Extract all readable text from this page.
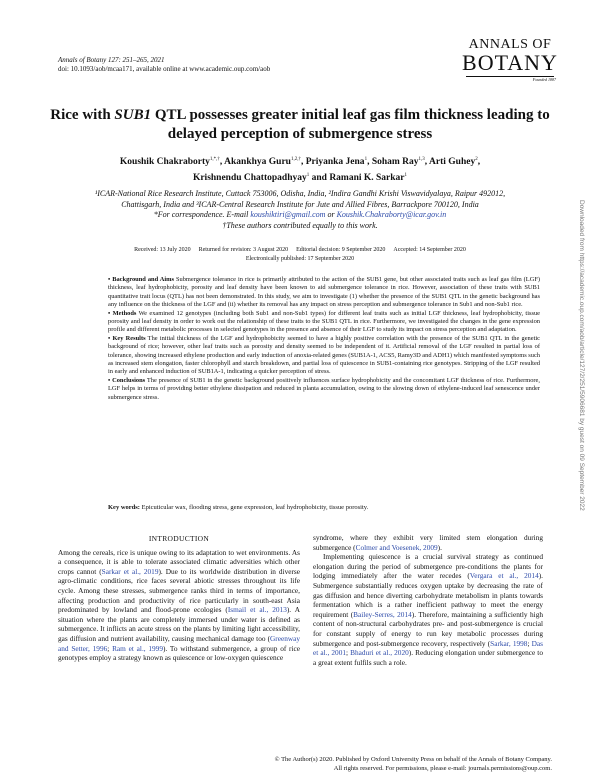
Annals of Botany 127: 251–265, 2021
doi: 10.1093/aob/mcaa171, available online at www.academic.oup.com/aob
ANNALS OF
BOTANY
Founded 1887
Rice with SUB1 QTL possesses greater initial leaf gas film thickness leading to delayed perception of submergence stress
Koushik Chakraborty$^{1,*,\dagger}$, Akankhya Guru$^{1,2,\dagger}$, Priyanka Jena$^1$, Soham Ray$^{1,3}$, Arti Guhey$^2$,
Krishnendu Chattopadhyay$^1$ and Ramani K. Sarkar$^1$
¹ICAR-National Rice Research Institute, Cuttack 753006, Odisha, India, ²Indira Gandhi Krishi Viswavidyalaya, Raipur 492012,
Chattisgarh, India and ³ICAR-Central Research Institute for Jute and Allied Fibres, Barrackpore 700120, India
*For correspondence. E-mail koushiktiri@gmail.com or Koushik.Chakraborty@icar.gov.in
†These authors contributed equally to this work.
Received: 13 July 2020 Returned for revision: 3 August 2020 Editorial decision: 9 September 2020 Accepted: 14 September 2020
Electronically published: 17 September 2020

• Background and Aims Submergence tolerance in rice is primarily attributed to the action of the SUB1 gene, but other associated traits such as leaf gas film (LGF) thickness, leaf hydrophobicity, porosity and leaf density have been known to aid submergence tolerance in rice. However, association of these traits with SUB1 quantitative trait locus (QTL) has not been demonstrated. In this study, we aim to investigate (1) whether the presence of the SUB1 QTL in the genetic background has any influence on the thickness of the LGF and (ii) whether its removal has any impact on stress perception and submergence tolerance in Sub1 and non-Sub1 rice.

• Methods We examined 12 genotypes (including both Sub1 and non-Sub1 types) for different leaf traits such as initial LGF thickness, leaf hydrophobicity, tissue porosity and leaf density in order to work out the relationship of these traits to the SUB1 QTL in rice. Furthermore, we investigated the changes in the gene expression profile and different metabolic processes in selected genotypes in the presence and absence of their LGF to study its impact on stress perception and adaptation.

• Key Results The initial thickness of the LGF and hydrophobicity seemed to have a highly positive correlation with the presence of the SUB1 QTL in the genetic background of rice; however, other leaf traits such as porosity and density seemed to be independent of it. Artificial removal of the LGF resulted in partial loss of tolerance, showing increased ethylene production and early induction of anoxia-related genes (SUB1A-1, ACS5, Ramy3D and ADH1) which manifested symptoms such as increased stem elongation, faster chlorophyll and starch breakdown, and partial loss of quiescence in SUB1-containing rice genotypes. Stripping of the LGF resulted in early and enhanced induction of SUB1A-1, indicating a quicker perception of stress.

• Conclusions The presence of SUB1 in the genetic background positively influences surface hydrophobicity and the concomitant LGF thickness of rice. Furthermore, LGF helps in terms of providing better ethylene dissipation and reduced in planta accumulation, owing to the slowing down of ethylene-induced leaf senescence under submergence stress.

Key words: Epicuticular wax, flooding stress, gene expression, leaf hydrophobicity, tissue porosity.
INTRODUCTION

Among the cereals, rice is unique owing to its adaptation to wet environments. As a consequence, it is able to tolerate associated climatic adversities which other crops cannot (Sarkar et al., 2019). Due to its worldwide distribution in diverse agro-climatic conditions, rice faces several abiotic stresses throughout its life cycle. Among these stresses, submergence ranks third in terms of importance, affecting production and productivity of rice particularly in south-east Asia predominated by lowland and flood-prone ecologies (Ismail et al., 2013). A situation where the plants are completely immersed under water is defined as submergence. It inflicts an acute stress on the plants by limiting light accessibility, gas diffusion and nutrient availability, causing mechanical damage too (Greenway and Setter, 1996; Ram et al., 1999). To withstand submergence, a group of rice genotypes employ a strategy known as quiescence or low-oxygen quiescence

syndrome, where they exhibit very limited stem elongation during submergence (Colmer and Voesenek, 2009).

Implementing quiescence is a crucial survival strategy as continued elongation during the period of submergence pre-conditions the plants for lodging immediately after the water recedes (Vergara et al., 2014). Submergence substantially reduces oxygen uptake by decreasing the rate of gas diffusion and hence diverting carbohydrate metabolism in plants towards fermentation which is a rather inefficient pathway to meet the energy requirement (Bailey-Serres, 2014). Therefore, maintaining a sufficiently high content of non-structural carbohydrates pre- and post-submergence is crucial for constant supply of energy to run key metabolic processes during submergence and post-submergence recovery, respectively (Sarkar, 1998; Das et al., 2001; Bhaduri et al., 2020). Reducing elongation under submergence to a great extent fulfils such a role.

© The Author(s) 2020. Published by Oxford University Press on behalf of the Annals of Botany Company.
All rights reserved. For permissions, please e-mail: journals.permissions@oup.com.
Downloaded from https://academic.oup.com/aob/article/127/2/251/5906681 by guest on 09 September 2022
